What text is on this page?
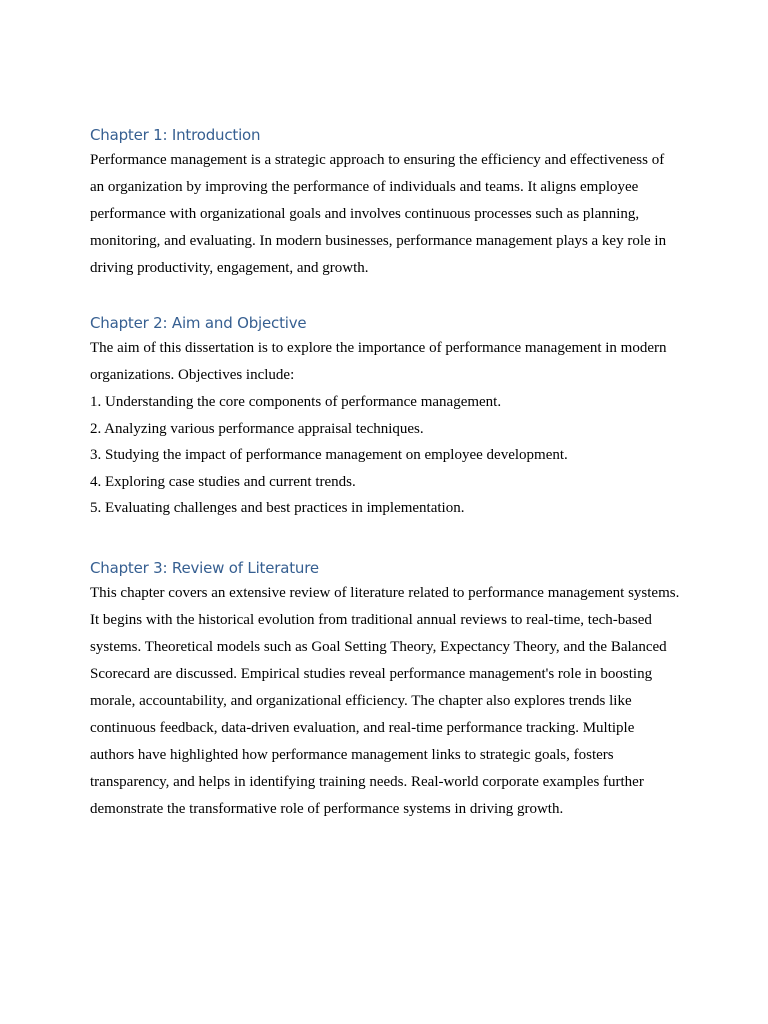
Chapter 1: Introduction

Performance management is a strategic approach to ensuring the efficiency and effectiveness of an organization by improving the performance of individuals and teams. It aligns employee performance with organizational goals and involves continuous processes such as planning, monitoring, and evaluating. In modern businesses, performance management plays a key role in driving productivity, engagement, and growth.

Chapter 2: Aim and Objective

The aim of this dissertation is to explore the importance of performance management in modern organizations. Objectives include:

1. Understanding the core components of performance management.
2. Analyzing various performance appraisal techniques.
3. Studying the impact of performance management on employee development.
4. Exploring case studies and current trends.
5. Evaluating challenges and best practices in implementation.
Chapter 3: Review of Literature

This chapter covers an extensive review of literature related to performance management systems. It begins with the historical evolution from traditional annual reviews to real-time, tech-based systems. Theoretical models such as Goal Setting Theory, Expectancy Theory, and the Balanced Scorecard are discussed. Empirical studies reveal performance management's role in boosting morale, accountability, and organizational efficiency. The chapter also explores trends like continuous feedback, data-driven evaluation, and real-time performance tracking. Multiple authors have highlighted how performance management links to strategic goals, fosters transparency, and helps in identifying training needs. Real-world corporate examples further demonstrate the transformative role of performance systems in driving growth.
